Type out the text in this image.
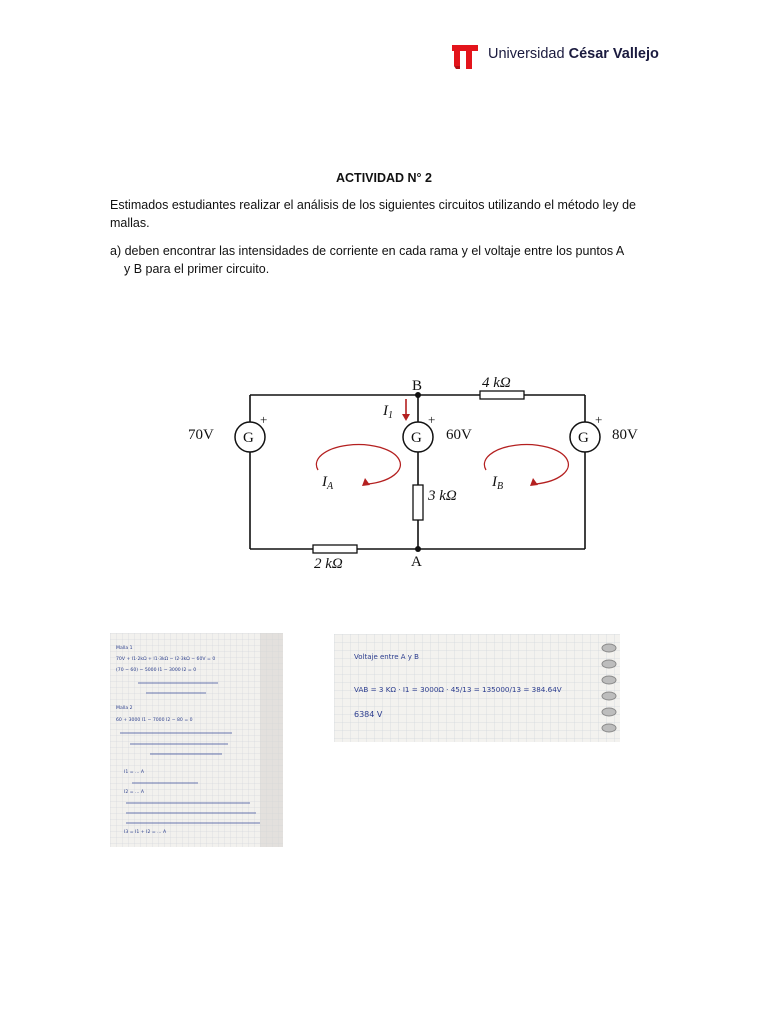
Universidad César Vallejo
ACTIVIDAD N° 2
Estimados estudiantes realizar el análisis de los siguientes circuitos utilizando el método ley de mallas.
a) deben encontrar las intensidades de corriente en cada rama y el voltaje entre los puntos A
y B para el primer circuito.
B
A
4 kΩ
3 kΩ
2 kΩ
G
+
70V	G
+
60V	G
+
80V
$I_1$
$I_A$	$I_B$
Malla 1
70V + I1·2kΩ + I1·3kΩ − I2·3kΩ − 60V = 0
(70 − 60) − 5000 I1 − 3000 I2 = 0
Malla 2
60 + 3000 I1 − 7000 I2 − 80 = 0
I1 = ... A
I2 = ... A
I3 = I1 + I2 = ... A
Voltaje entre A y B
VAB = 3 KΩ · I1 = 3000Ω · 45/13 = 135000/13 = 384.64V
6384 V
